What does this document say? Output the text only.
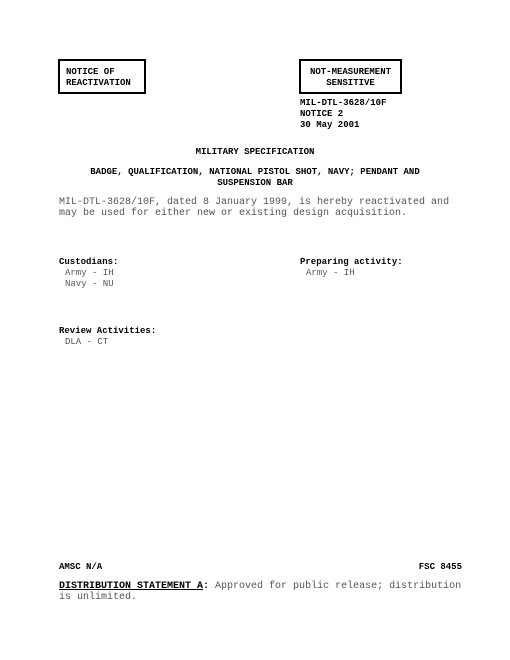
NOTICE OF
REACTIVATION
NOT-MEASUREMENT
SENSITIVE
MIL-DTL-3628/10F
NOTICE 2
30 May 2001
MILITARY SPECIFICATION
BADGE, QUALIFICATION, NATIONAL PISTOL SHOT, NAVY; PENDANT AND
SUSPENSION BAR
MIL-DTL-3628/10F, dated 8 January 1999, is hereby reactivated and
may be used for either new or existing design acquisition.
Custodians:
Army - IH
Navy - NU
Preparing activity:
Army - IH
Review Activities:
DLA - CT
AMSC N/A	FSC 8455
DISTRIBUTION STATEMENT A: Approved for public release; distribution
is unlimited.
